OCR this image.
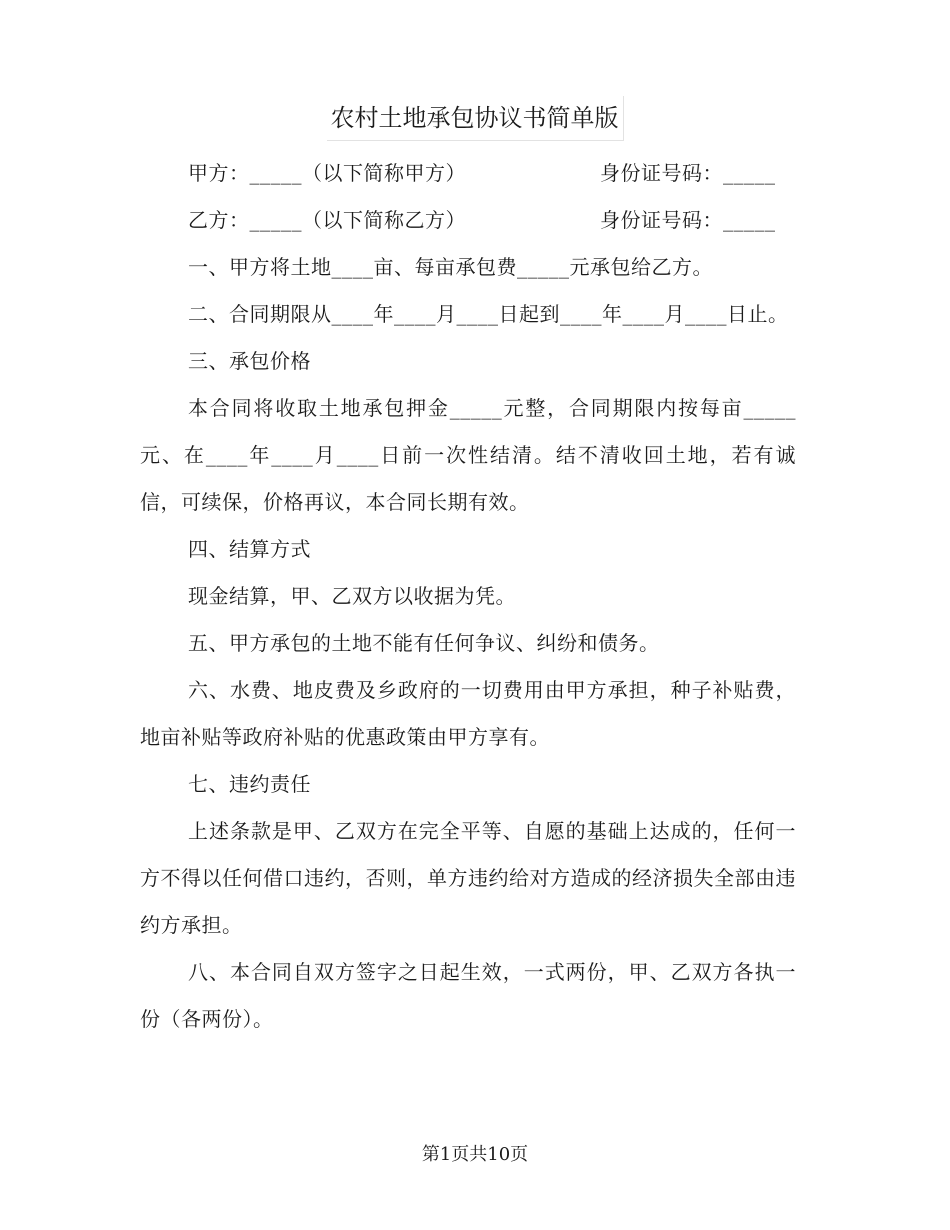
农村土地承包协议书简单版
甲方：_____（以下简称甲方）	身份证号码：_____
乙方：_____（以下简称乙方）	身份证号码：_____

一、甲方将土地____亩、每亩承包费_____元承包给乙方。

二、合同期限从____年____月____日起到____年____月____日止。

三、承包价格

本合同将收取土地承包押金_____元整，合同期限内按每亩_____元、在____年____月____日前一次性结清。结不清收回土地，若有诚信，可续保，价格再议，本合同长期有效。

四、结算方式

现金结算，甲、乙双方以收据为凭。

五、甲方承包的土地不能有任何争议、纠纷和债务。

六、水费、地皮费及乡政府的一切费用由甲方承担，种子补贴费，地亩补贴等政府补贴的优惠政策由甲方享有。

七、违约责任

上述条款是甲、乙双方在完全平等、自愿的基础上达成的，任何一方不得以任何借口违约，否则，单方违约给对方造成的经济损失全部由违约方承担。

八、本合同自双方签字之日起生效，一式两份，甲、乙双方各执一份（各两份）。

第1页共10页
